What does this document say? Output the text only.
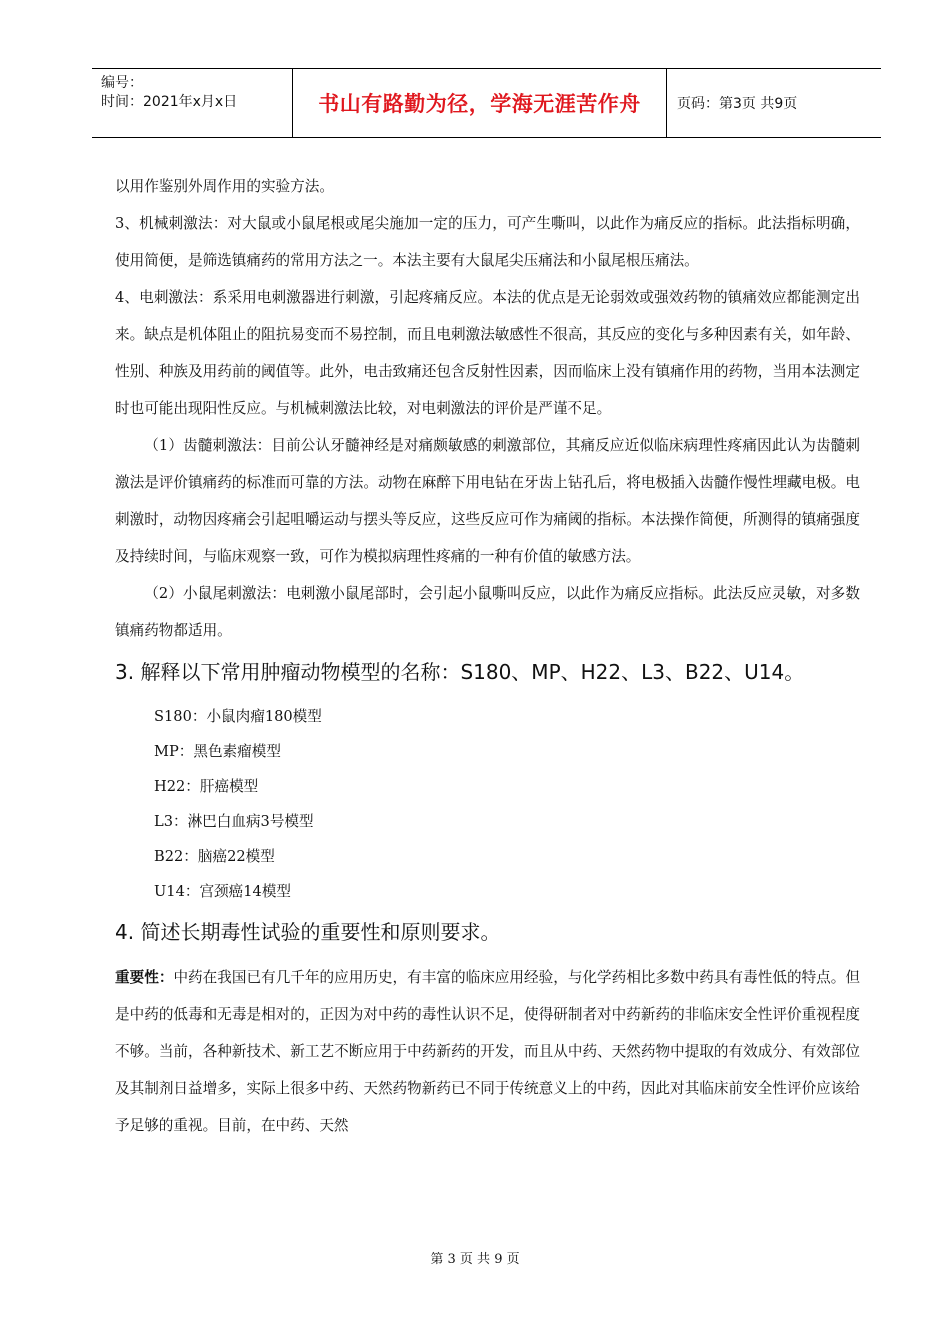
编号：
时间：2021年x月x日	书山有路勤为径，学海无涯苦作舟	页码：第3页 共9页

以用作鉴别外周作用的实验方法。

3、机械刺激法：对大鼠或小鼠尾根或尾尖施加一定的压力，可产生嘶叫，以此作为痛反应的指标。此法指标明确，使用简便，是筛选镇痛药的常用方法之一。本法主要有大鼠尾尖压痛法和小鼠尾根压痛法。

4、电刺激法：系采用电刺激器进行刺激，引起疼痛反应。本法的优点是无论弱效或强效药物的镇痛效应都能测定出来。缺点是机体阻止的阻抗易变而不易控制，而且电刺激法敏感性不很高，其反应的变化与多种因素有关，如年龄、性别、种族及用药前的阈值等。此外，电击致痛还包含反射性因素，因而临床上没有镇痛作用的药物，当用本法测定时也可能出现阳性反应。与机械刺激法比较，对电刺激法的评价是严谨不足。

（1）齿髓刺激法：目前公认牙髓神经是对痛颇敏感的刺激部位，其痛反应近似临床病理性疼痛因此认为齿髓刺激法是评价镇痛药的标准而可靠的方法。动物在麻醉下用电钻在牙齿上钻孔后，将电极插入齿髓作慢性埋藏电极。电刺激时，动物因疼痛会引起咀嚼运动与摆头等反应，这些反应可作为痛阈的指标。本法操作简便，所测得的镇痛强度及持续时间，与临床观察一致，可作为模拟病理性疼痛的一种有价值的敏感方法。

（2）小鼠尾刺激法：电刺激小鼠尾部时，会引起小鼠嘶叫反应，以此作为痛反应指标。此法反应灵敏，对多数镇痛药物都适用。

3. 解释以下常用肿瘤动物模型的名称：S180、MP、H22、L3、B22、U14。
S180：小鼠肉瘤180模型
MP：黑色素瘤模型
H22：肝癌模型
L3：淋巴白血病3号模型
B22：脑癌22模型
U14：宫颈癌14模型
4. 简述长期毒性试验的重要性和原则要求。

重要性：中药在我国已有几千年的应用历史，有丰富的临床应用经验，与化学药相比多数中药具有毒性低的特点。但是中药的低毒和无毒是相对的，正因为对中药的毒性认识不足，使得研制者对中药新药的非临床安全性评价重视程度不够。当前，各种新技术、新工艺不断应用于中药新药的开发，而且从中药、天然药物中提取的有效成分、有效部位及其制剂日益增多，实际上很多中药、天然药物新药已不同于传统意义上的中药，因此对其临床前安全性评价应该给予足够的重视。目前，在中药、天然

第 3 页 共 9 页
